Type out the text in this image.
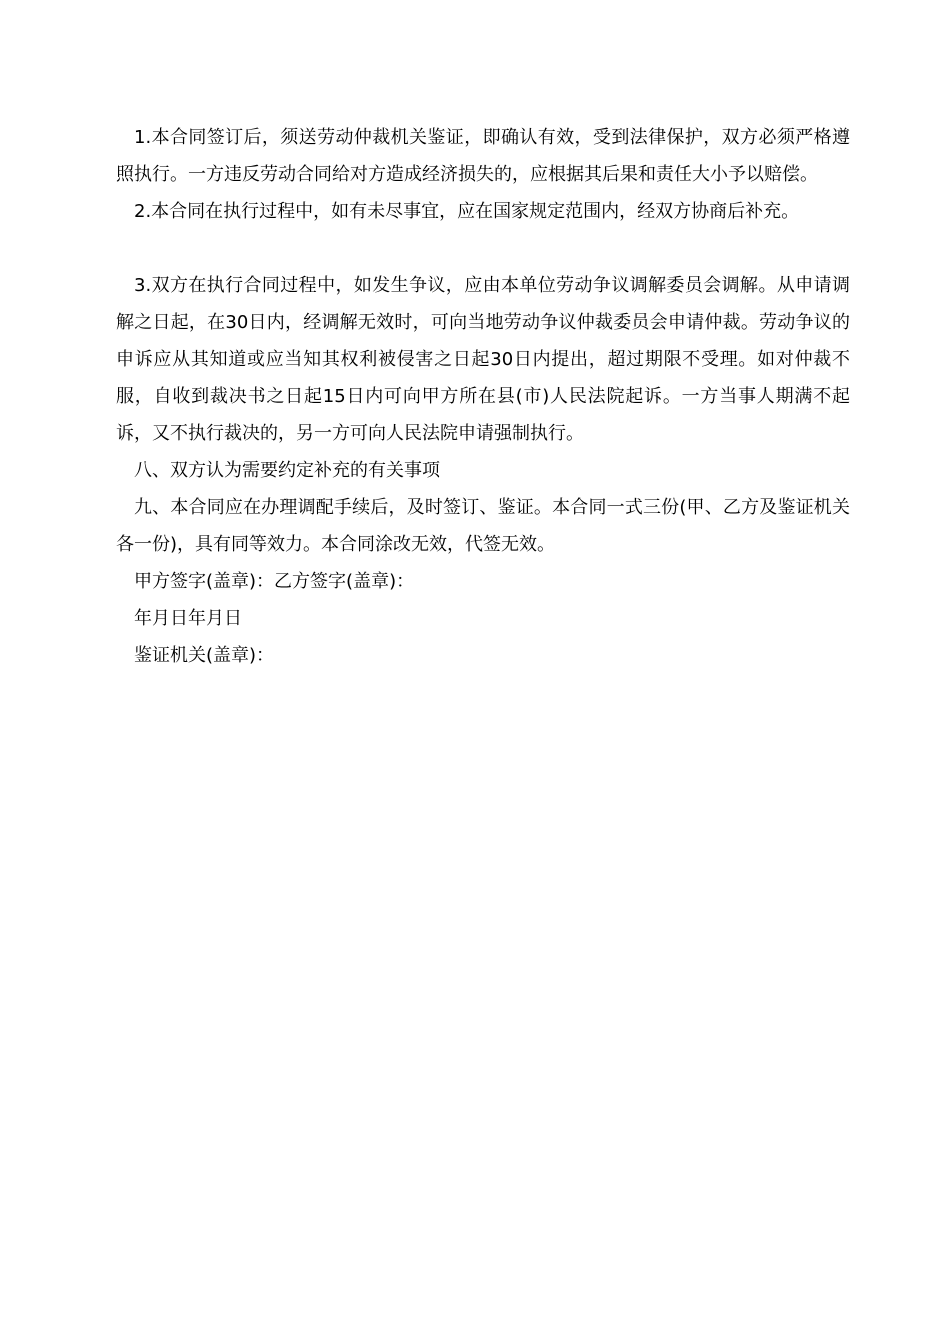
1.本合同签订后，须送劳动仲裁机关鉴证，即确认有效，受到法律保护，双方必须严格遵照执行。一方违反劳动合同给对方造成经济损失的，应根据其后果和责任大小予以赔偿。

2.本合同在执行过程中，如有未尽事宜，应在国家规定范围内，经双方协商后补充。

3.双方在执行合同过程中，如发生争议，应由本单位劳动争议调解委员会调解。从申请调解之日起，在30日内，经调解无效时，可向当地劳动争议仲裁委员会申请仲裁。劳动争议的申诉应从其知道或应当知其权利被侵害之日起30日内提出，超过期限不受理。如对仲裁不服，自收到裁决书之日起15日内可向甲方所在县(市)人民法院起诉。一方当事人期满不起诉，又不执行裁决的，另一方可向人民法院申请强制执行。

八、双方认为需要约定补充的有关事项

九、本合同应在办理调配手续后，及时签订、鉴证。本合同一式三份(甲、乙方及鉴证机关各一份)，具有同等效力。本合同涂改无效，代签无效。

甲方签字(盖章)：乙方签字(盖章)：

年月日年月日

鉴证机关(盖章)：
